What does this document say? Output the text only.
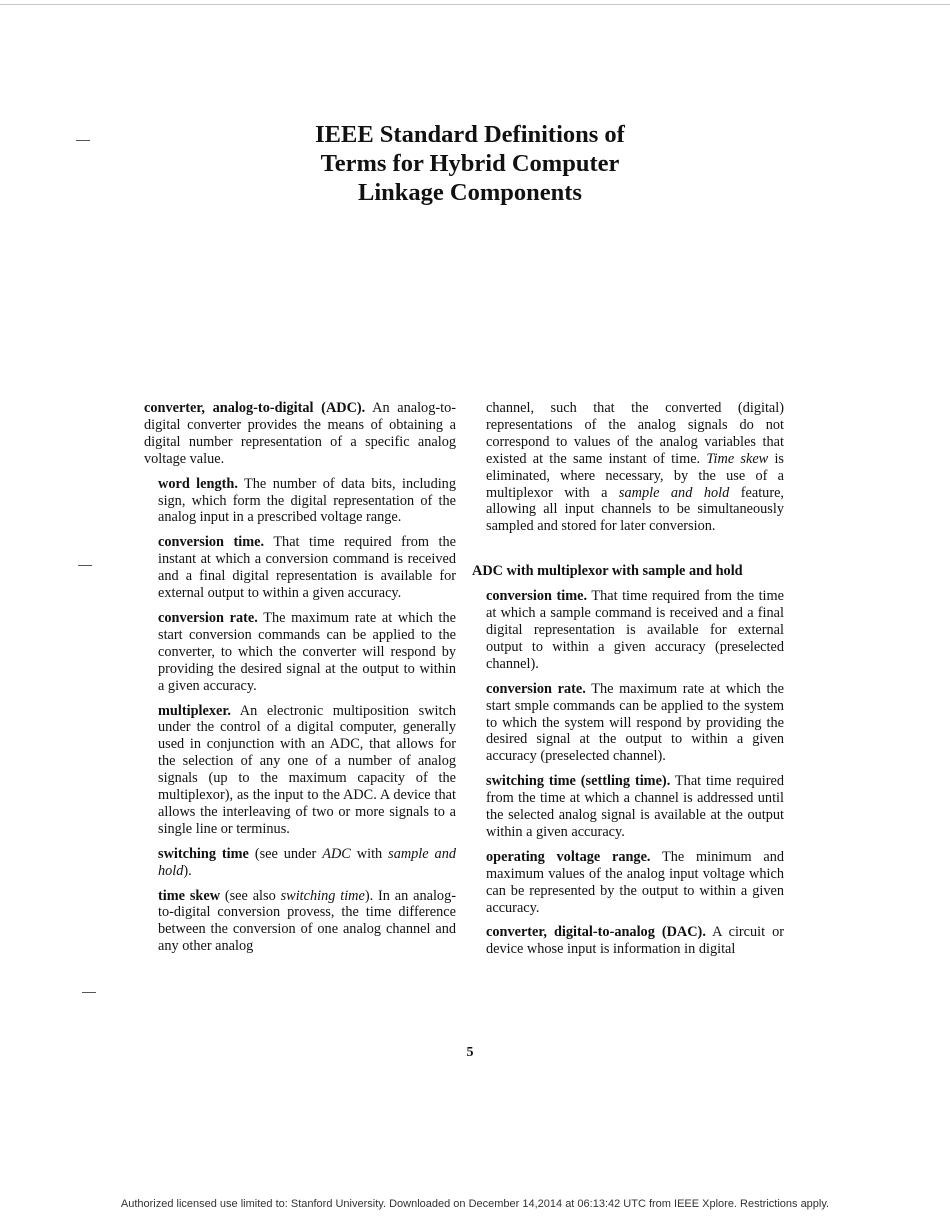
IEEE Standard Definitions of
Terms for Hybrid Computer
Linkage Components

converter, analog-to-digital (ADC). An analog-to-digital converter provides the means of obtaining a digital number representation of a specific analog voltage value.

word length. The number of data bits, including sign, which form the digital representation of the analog input in a prescribed voltage range.

conversion time. That time required from the instant at which a conversion command is received and a final digital representation is available for external output to within a given accuracy.

conversion rate. The maximum rate at which the start conversion commands can be applied to the converter, to which the converter will respond by providing the desired signal at the output to within a given accuracy.

multiplexer. An electronic multiposition switch under the control of a digital computer, generally used in conjunction with an ADC, that allows for the selection of any one of a number of analog signals (up to the maximum capacity of the multiplexor), as the input to the ADC. A device that allows the interleaving of two or more signals to a single line or terminus.

switching time (see under ADC with sample and hold).

time skew (see also switching time). In an analog-to-digital conversion provess, the time difference between the conversion of one analog channel and any other analog

channel, such that the converted (digital) representations of the analog signals do not correspond to values of the analog variables that existed at the same instant of time. Time skew is eliminated, where necessary, by the use of a multiplexor with a sample and hold feature, allowing all input channels to be simultaneously sampled and stored for later conversion.

ADC with multiplexor with sample and hold

conversion time. That time required from the time at which a sample command is received and a final digital representation is available for external output to within a given accuracy (preselected channel).

conversion rate. The maximum rate at which the start smple commands can be applied to the system to which the system will respond by providing the desired signal at the output to within a given accuracy (preselected channel).

switching time (settling time). That time required from the time at which a channel is addressed until the selected analog signal is available at the output within a given accuracy.

operating voltage range. The minimum and maximum values of the analog input voltage which can be represented by the output to within a given accuracy.

converter, digital-to-analog (DAC). A circuit or device whose input is information in digital

5
Authorized licensed use limited to: Stanford University. Downloaded on December 14,2014 at 06:13:42 UTC from IEEE Xplore. Restrictions apply.
